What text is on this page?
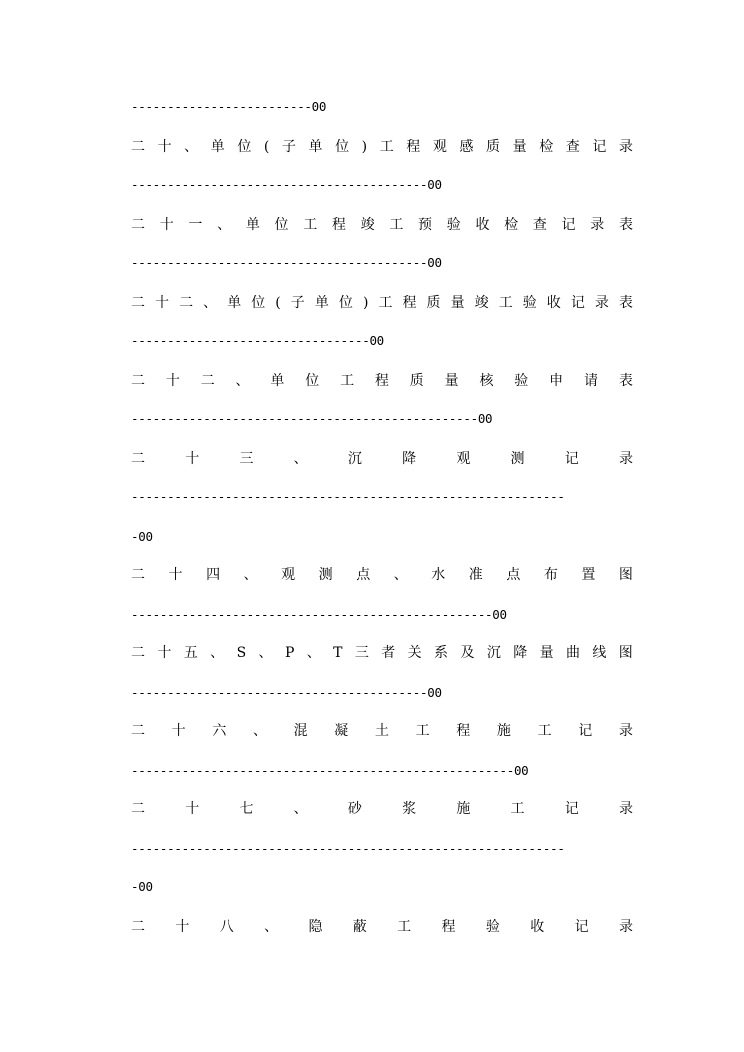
-------------------------00
二 十 、 单 位 ( 子 单 位 ) 工 程 观 感 质 量 检 查 记 录
-----------------------------------------00
二 十 一 、 单 位 工 程 竣 工 预 验 收 检 查 记 录 表
-----------------------------------------00
二 十 二 、 单 位 ( 子 单 位 ) 工 程 质 量 竣 工 验 收 记 录 表
---------------------------------00
二 十 二 、 单 位 工 程 质 量 核 验 申 请 表
------------------------------------------------00
二	十	三	、	沉	降	观	测	记	录
------------------------------------------------------------
-00
二 十 四 、 观 测 点 、 水 准 点 布 置 图
--------------------------------------------------00
二 十 五 、 S 、 P 、 T 三 者 关 系 及 沉 降 量 曲 线 图
-----------------------------------------00
二 十 六 、 混 凝 土 工 程 施 工 记 录
-----------------------------------------------------00
二	十	七	、	砂	浆	施	工	记	录
------------------------------------------------------------
-00
二 十 八 、 隐 蔽 工 程 验 收 记 录
